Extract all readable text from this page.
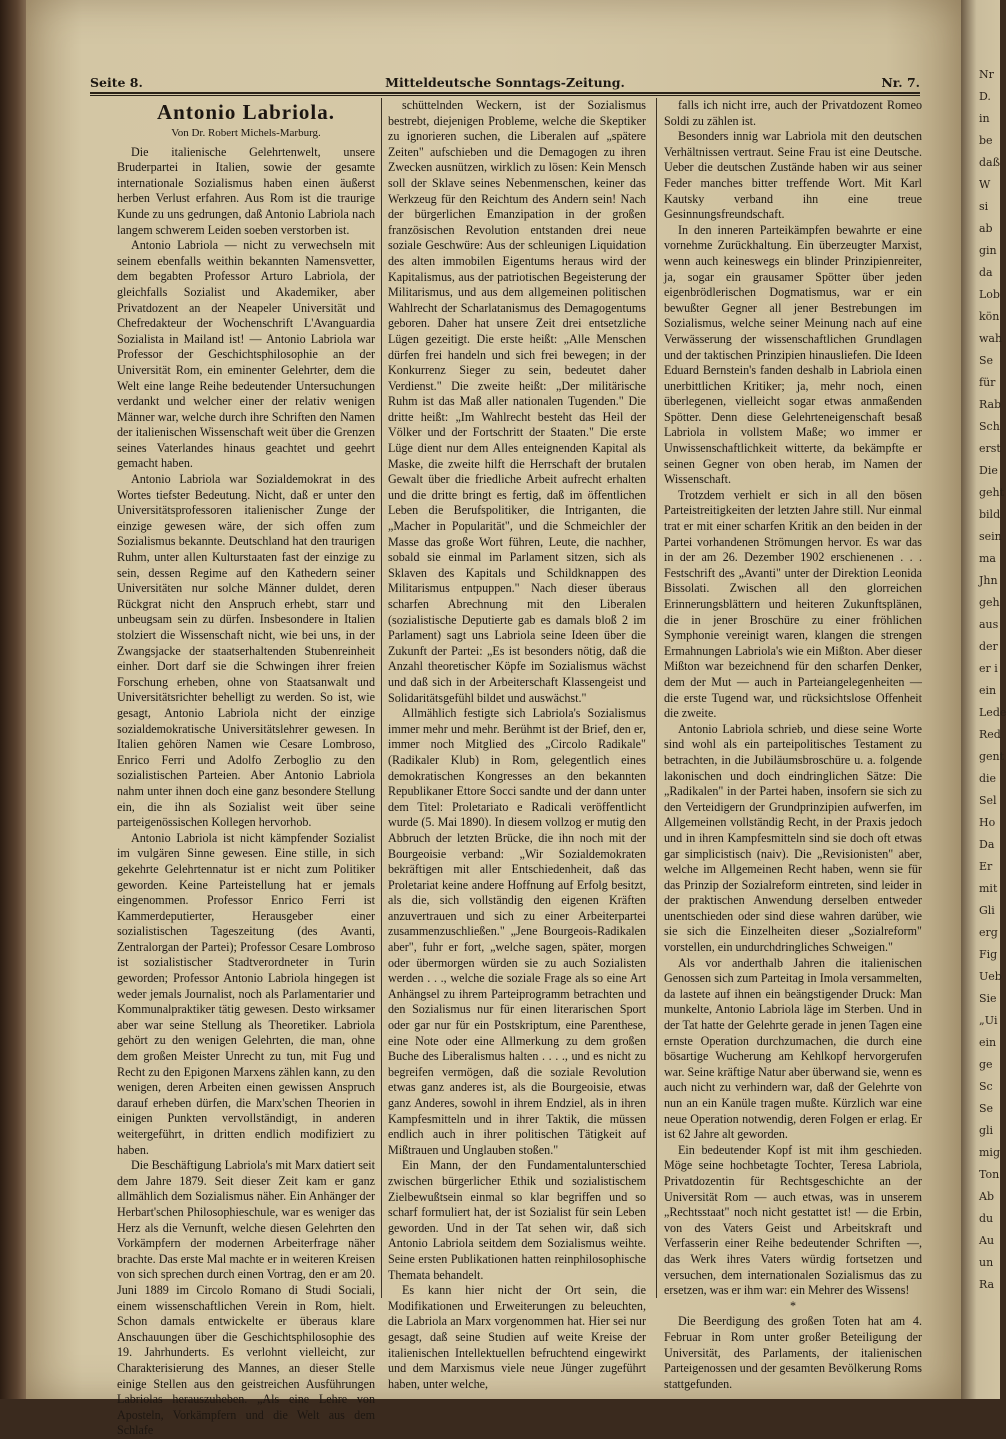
Seite 8.	Mitteldeutsche Sonntags-Zeitung.	Nr. 7.

Antonio Labriola.

Von Dr. Robert Michels-Marburg.

Die italienische Gelehrtenwelt, unsere Bruderpartei in Italien, sowie der gesamte internationale Sozialismus haben einen äußerst herben Verlust erfahren. Aus Rom ist die traurige Kunde zu uns gedrungen, daß Antonio Labriola nach langem schwerem Leiden soeben verstorben ist.

Antonio Labriola — nicht zu verwechseln mit seinem ebenfalls weithin bekannten Namensvetter, dem begabten Professor Arturo Labriola, der gleichfalls Sozialist und Akademiker, aber Privatdozent an der Neapeler Universität und Chefredakteur der Wochenschrift L'Avanguardia Sozialista in Mailand ist! — Antonio Labriola war Professor der Geschichtsphilosophie an der Universität Rom, ein eminenter Gelehrter, dem die Welt eine lange Reihe bedeutender Untersuchungen verdankt und welcher einer der relativ wenigen Männer war, welche durch ihre Schriften den Namen der italienischen Wissenschaft weit über die Grenzen seines Vaterlandes hinaus geachtet und geehrt gemacht haben.

Antonio Labriola war Sozialdemokrat in des Wortes tiefster Bedeutung. Nicht, daß er unter den Universitätsprofessoren italienischer Zunge der einzige gewesen wäre, der sich offen zum Sozialismus bekannte. Deutschland hat den traurigen Ruhm, unter allen Kulturstaaten fast der einzige zu sein, dessen Regime auf den Kathedern seiner Universitäten nur solche Männer duldet, deren Rückgrat nicht den Anspruch erhebt, starr und unbeugsam sein zu dürfen. Insbesondere in Italien stolziert die Wissenschaft nicht, wie bei uns, in der Zwangsjacke der staatserhaltenden Stubenreinheit einher. Dort darf sie die Schwingen ihrer freien Forschung erheben, ohne von Staatsanwalt und Universitätsrichter behelligt zu werden. So ist, wie gesagt, Antonio Labriola nicht der einzige sozialdemokratische Universitätslehrer gewesen. In Italien gehören Namen wie Cesare Lombroso, Enrico Ferri und Adolfo Zerboglio zu den sozialistischen Parteien. Aber Antonio Labriola nahm unter ihnen doch eine ganz besondere Stellung ein, die ihn als Sozialist weit über seine parteigenössischen Kollegen hervorhob.

Antonio Labriola ist nicht kämpfender Sozialist im vulgären Sinne gewesen. Eine stille, in sich gekehrte Gelehrtennatur ist er nicht zum Politiker geworden. Keine Parteistellung hat er jemals eingenommen. Professor Enrico Ferri ist Kammerdeputierter, Herausgeber einer sozialistischen Tageszeitung (des Avanti, Zentralorgan der Partei); Professor Cesare Lombroso ist sozialistischer Stadtverordneter in Turin geworden; Professor Antonio Labriola hingegen ist weder jemals Journalist, noch als Parlamentarier und Kommunalpraktiker tätig gewesen. Desto wirksamer aber war seine Stellung als Theoretiker. Labriola gehört zu den wenigen Gelehrten, die man, ohne dem großen Meister Unrecht zu tun, mit Fug und Recht zu den Epigonen Marxens zählen kann, zu den wenigen, deren Arbeiten einen gewissen Anspruch darauf erheben dürfen, die Marx'schen Theorien in einigen Punkten vervollständigt, in anderen weitergeführt, in dritten endlich modifiziert zu haben.

Die Beschäftigung Labriola's mit Marx datiert seit dem Jahre 1879. Seit dieser Zeit kam er ganz allmählich dem Sozialismus näher. Ein Anhänger der Herbart'schen Philosophieschule, war es weniger das Herz als die Vernunft, welche diesen Gelehrten den Vorkämpfern der modernen Arbeiterfrage näher brachte. Das erste Mal machte er in weiteren Kreisen von sich sprechen durch einen Vortrag, den er am 20. Juni 1889 im Circolo Romano di Studi Sociali, einem wissenschaftlichen Verein in Rom, hielt. Schon damals entwickelte er überaus klare Anschauungen über die Geschichtsphilosophie des 19. Jahrhunderts. Es verlohnt vielleicht, zur Charakterisierung des Mannes, an dieser Stelle einige Stellen aus den geistreichen Ausführungen Labriolas herauszuheben. „Als eine Lehre von Aposteln, Vorkämpfern und die Welt aus dem Schlafe

schüttelnden Weckern, ist der Sozialismus bestrebt, diejenigen Probleme, welche die Skeptiker zu ignorieren suchen, die Liberalen auf „spätere Zeiten" aufschieben und die Demagogen zu ihren Zwecken ausnützen, wirklich zu lösen: Kein Mensch soll der Sklave seines Nebenmenschen, keiner das Werkzeug für den Reichtum des Andern sein! Nach der bürgerlichen Emanzipation in der großen französischen Revolution entstanden drei neue soziale Geschwüre: Aus der schleunigen Liquidation des alten immobilen Eigentums heraus wird der Kapitalismus, aus der patriotischen Begeisterung der Militarismus, und aus dem allgemeinen politischen Wahlrecht der Scharlatanismus des Demagogentums geboren. Daher hat unsere Zeit drei entsetzliche Lügen gezeitigt. Die erste heißt: „Alle Menschen dürfen frei handeln und sich frei bewegen; in der Konkurrenz Sieger zu sein, bedeutet daher Verdienst." Die zweite heißt: „Der militärische Ruhm ist das Maß aller nationalen Tugenden." Die dritte heißt: „Im Wahlrecht besteht das Heil der Völker und der Fortschritt der Staaten." Die erste Lüge dient nur dem Alles enteignenden Kapital als Maske, die zweite hilft die Herrschaft der brutalen Gewalt über die friedliche Arbeit aufrecht erhalten und die dritte bringt es fertig, daß im öffentlichen Leben die Berufspolitiker, die Intriganten, die „Macher in Popularität", und die Schmeichler der Masse das große Wort führen, Leute, die nachher, sobald sie einmal im Parlament sitzen, sich als Sklaven des Kapitals und Schildknappen des Militarismus entpuppen." Nach dieser überaus scharfen Abrechnung mit den Liberalen (sozialistische Deputierte gab es damals bloß 2 im Parlament) sagt uns Labriola seine Ideen über die Zukunft der Partei: „Es ist besonders nötig, daß die Anzahl theoretischer Köpfe im Sozialismus wächst und daß sich in der Arbeiterschaft Klassengeist und Solidaritätsgefühl bildet und auswächst."

Allmählich festigte sich Labriola's Sozialismus immer mehr und mehr. Berühmt ist der Brief, den er, immer noch Mitglied des „Circolo Radikale" (Radikaler Klub) in Rom, gelegentlich eines demokratischen Kongresses an den bekannten Republikaner Ettore Socci sandte und der dann unter dem Titel: Proletariato e Radicali veröffentlicht wurde (5. Mai 1890). In diesem vollzog er mutig den Abbruch der letzten Brücke, die ihn noch mit der Bourgeoisie verband: „Wir Sozialdemokraten bekräftigen mit aller Entschiedenheit, daß das Proletariat keine andere Hoffnung auf Erfolg besitzt, als die, sich vollständig den eigenen Kräften anzuvertrauen und sich zu einer Arbeiterpartei zusammenzuschließen." „Jene Bourgeois-Radikalen aber", fuhr er fort, „welche sagen, später, morgen oder übermorgen würden sie zu auch Sozialisten werden . . ., welche die soziale Frage als so eine Art Anhängsel zu ihrem Parteiprogramm betrachten und den Sozialismus nur für einen literarischen Sport oder gar nur für ein Postskriptum, eine Parenthese, eine Note oder eine Allmerkung zu dem großen Buche des Liberalismus halten . . . ., und es nicht zu begreifen vermögen, daß die soziale Revolution etwas ganz anderes ist, als die Bourgeoisie, etwas ganz Anderes, sowohl in ihrem Endziel, als in ihren Kampfesmitteln und in ihrer Taktik, die müssen endlich auch in ihrer politischen Tätigkeit auf Mißtrauen und Unglauben stoßen."

Ein Mann, der den Fundamentalunterschied zwischen bürgerlicher Ethik und sozialistischem Zielbewußtsein einmal so klar begriffen und so scharf formuliert hat, der ist Sozialist für sein Leben geworden. Und in der Tat sehen wir, daß sich Antonio Labriola seitdem dem Sozialismus weihte. Seine ersten Publikationen hatten reinphilosophische Themata behandelt.

Es kann hier nicht der Ort sein, die Modifikationen und Erweiterungen zu beleuchten, die Labriola an Marx vorgenommen hat. Hier sei nur gesagt, daß seine Studien auf weite Kreise der italienischen Intellektuellen befruchtend eingewirkt und dem Marxismus viele neue Jünger zugeführt haben, unter welche,

falls ich nicht irre, auch der Privatdozent Romeo Soldi zu zählen ist.

Besonders innig war Labriola mit den deutschen Verhältnissen vertraut. Seine Frau ist eine Deutsche. Ueber die deutschen Zustände haben wir aus seiner Feder manches bitter treffende Wort. Mit Karl Kautsky verband ihn eine treue Gesinnungsfreundschaft.

In den inneren Parteikämpfen bewahrte er eine vornehme Zurückhaltung. Ein überzeugter Marxist, wenn auch keineswegs ein blinder Prinzipienreiter, ja, sogar ein grausamer Spötter über jeden eigenbrödlerischen Dogmatismus, war er ein bewußter Gegner all jener Bestrebungen im Sozialismus, welche seiner Meinung nach auf eine Verwässerung der wissenschaftlichen Grundlagen und der taktischen Prinzipien hinausliefen. Die Ideen Eduard Bernstein's fanden deshalb in Labriola einen unerbittlichen Kritiker; ja, mehr noch, einen überlegenen, vielleicht sogar etwas anmaßenden Spötter. Denn diese Gelehrteneigenschaft besaß Labriola in vollstem Maße; wo immer er Unwissenschaftlichkeit witterte, da bekämpfte er seinen Gegner von oben herab, im Namen der Wissenschaft.

Trotzdem verhielt er sich in all den bösen Parteistreitigkeiten der letzten Jahre still. Nur einmal trat er mit einer scharfen Kritik an den beiden in der Partei vorhandenen Strömungen hervor. Es war das in der am 26. Dezember 1902 erschienenen . . . Festschrift des „Avanti" unter der Direktion Leonida Bissolati. Zwischen all den glorreichen Erinnerungsblättern und heiteren Zukunftsplänen, die in jener Broschüre zu einer fröhlichen Symphonie vereinigt waren, klangen die strengen Ermahnungen Labriola's wie ein Mißton. Aber dieser Mißton war bezeichnend für den scharfen Denker, dem der Mut — auch in Parteiangelegenheiten — die erste Tugend war, und rücksichtslose Offenheit die zweite.

Antonio Labriola schrieb, und diese seine Worte sind wohl als ein parteipolitisches Testament zu betrachten, in die Jubiläumsbroschüre u. a. folgende lakonischen und doch eindringlichen Sätze: Die „Radikalen" in der Partei haben, insofern sie sich zu den Verteidigern der Grundprinzipien aufwerfen, im Allgemeinen vollständig Recht, in der Praxis jedoch und in ihren Kampfesmitteln sind sie doch oft etwas gar simplicistisch (naiv). Die „Revisionisten" aber, welche im Allgemeinen Recht haben, wenn sie für das Prinzip der Sozialreform eintreten, sind leider in der praktischen Anwendung derselben entweder unentschieden oder sind diese wahren darüber, wie sie sich die Einzelheiten dieser „Sozialreform" vorstellen, ein undurchdringliches Schweigen."

Als vor anderthalb Jahren die italienischen Genossen sich zum Parteitag in Imola versammelten, da lastete auf ihnen ein beängstigender Druck: Man munkelte, Antonio Labriola läge im Sterben. Und in der Tat hatte der Gelehrte gerade in jenen Tagen eine ernste Operation durchzumachen, die durch eine bösartige Wucherung am Kehlkopf hervorgerufen war. Seine kräftige Natur aber überwand sie, wenn es auch nicht zu verhindern war, daß der Gelehrte von nun an ein Kanüle tragen mußte. Kürzlich war eine neue Operation notwendig, deren Folgen er erlag. Er ist 62 Jahre alt geworden.

Ein bedeutender Kopf ist mit ihm geschieden. Möge seine hochbetagte Tochter, Teresa Labriola, Privatdozentin für Rechtsgeschichte an der Universität Rom — auch etwas, was in unserem „Rechtsstaat" noch nicht gestattet ist! — die Erbin, von des Vaters Geist und Arbeitskraft und Verfasserin einer Reihe bedeutender Schriften —, das Werk ihres Vaters würdig fortsetzen und versuchen, dem internationalen Sozialismus das zu ersetzen, was er ihm war: ein Mehrer des Wissens!

*

Die Beerdigung des großen Toten hat am 4. Februar in Rom unter großer Beteiligung der Universität, des Parlaments, der italienischen Parteigenossen und der gesamten Bevölkerung Roms stattgefunden.

Nr
D.
in
be
daß
W
si
ab
gin
da
Lob
kön
wah
Se
für
Rab
Sch
erst
Die
geht
bild
sein
ma
Jhn
geh
aus
der
er i
ein
Lede
Red
gent
die
Sel
Ho
Da
Er
mit
Gli
erg
Fig
Ueb
Sie
„Ui
ein
ge
Sc
Se
gli
mig
Ton
Ab
du
Au
un
Ra
